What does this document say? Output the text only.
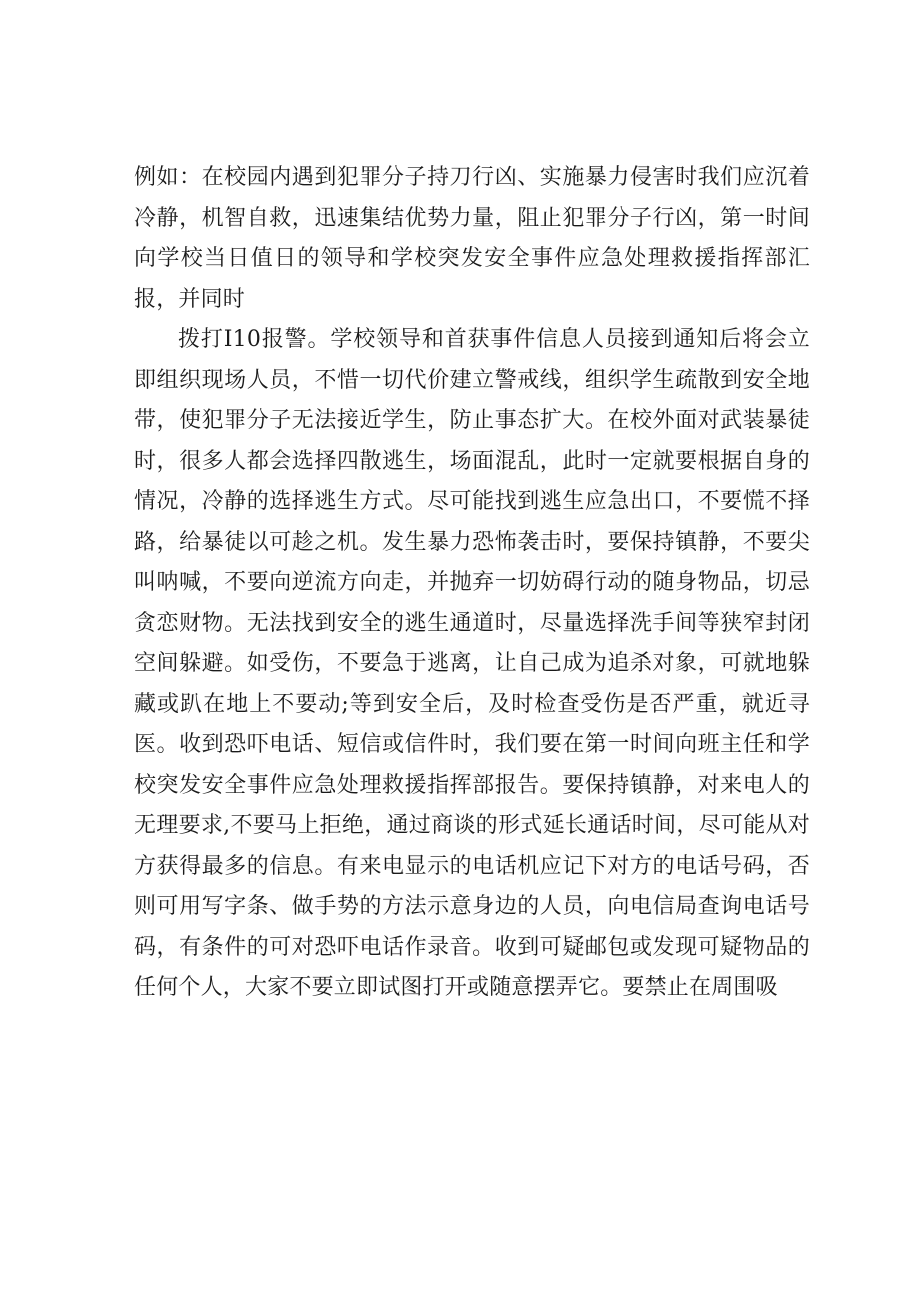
例如：在校园内遇到犯罪分子持刀行凶、实施暴力侵害时我们应沉着冷静，机智自救，迅速集结优势力量，阻止犯罪分子行凶，第一时间向学校当日值日的领导和学校突发安全事件应急处理救援指挥部汇报，并同时

拨打I10报警。学校领导和首获事件信息人员接到通知后将会立即组织现场人员，不惜一切代价建立警戒线，组织学生疏散到安全地带，使犯罪分子无法接近学生，防止事态扩大。在校外面对武装暴徒时，很多人都会选择四散逃生，场面混乱，此时一定就要根据自身的情况，冷静的选择逃生方式。尽可能找到逃生应急出口，不要慌不择路，给暴徒以可趁之机。发生暴力恐怖袭击时，要保持镇静，不要尖叫呐喊，不要向逆流方向走，并抛弃一切妨碍行动的随身物品，切忌贪恋财物。无法找到安全的逃生通道时，尽量选择洗手间等狭窄封闭空间躲避。如受伤，不要急于逃离，让自己成为追杀对象，可就地躲藏或趴在地上不要动;等到安全后，及时检查受伤是否严重，就近寻医。收到恐吓电话、短信或信件时，我们要在第一时间向班主任和学校突发安全事件应急处理救援指挥部报告。要保持镇静，对来电人的无理要求,不要马上拒绝，通过商谈的形式延长通话时间，尽可能从对方获得最多的信息。有来电显示的电话机应记下对方的电话号码，否则可用写字条、做手势的方法示意身边的人员，向电信局查询电话号码，有条件的可对恐吓电话作录音。收到可疑邮包或发现可疑物品的任何个人，大家不要立即试图打开或随意摆弄它。要禁止在周围吸
